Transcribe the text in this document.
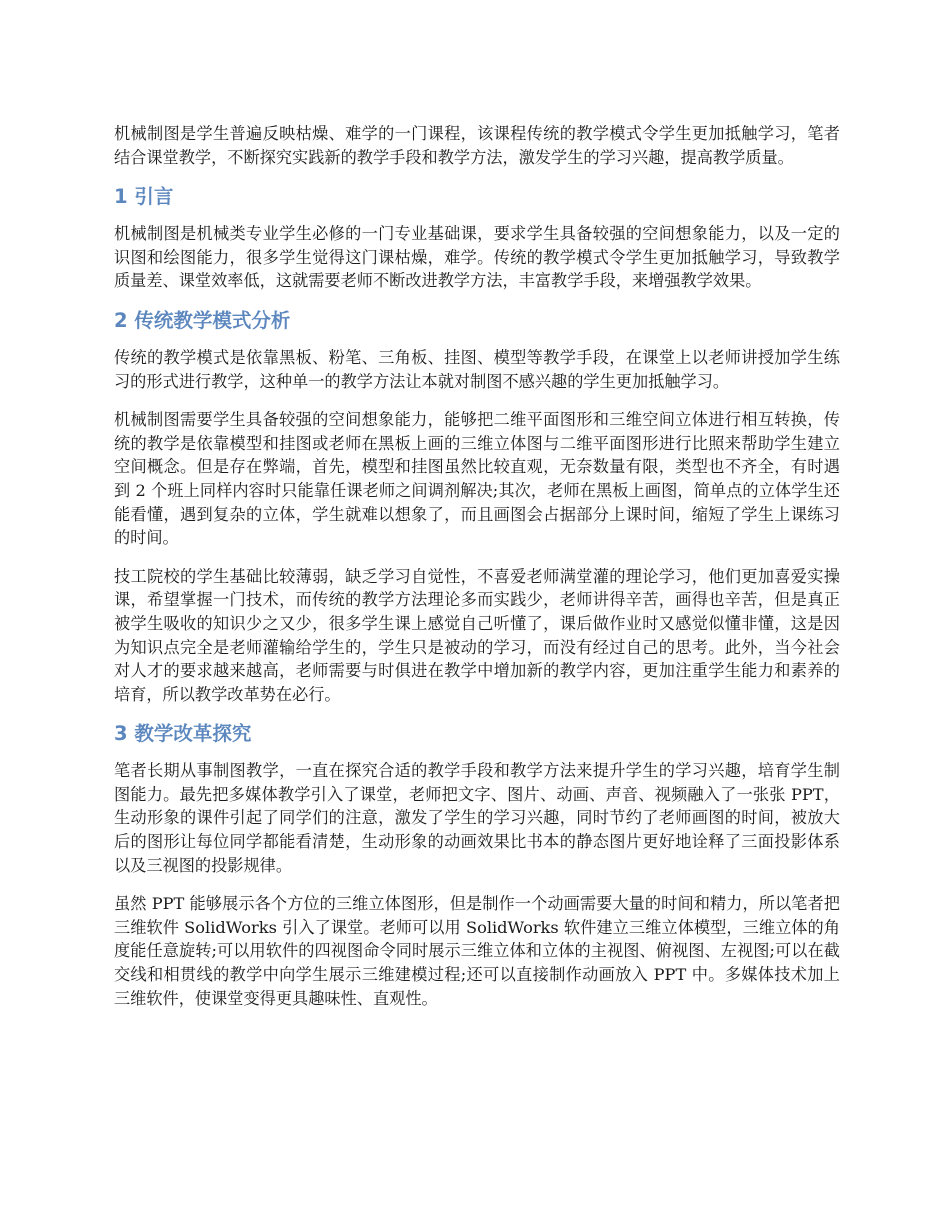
机械制图是学生普遍反映枯燥、难学的一门课程，该课程传统的教学模式令学生更加抵触学习，笔者结合课堂教学，不断探究实践新的教学手段和教学方法，激发学生的学习兴趣，提高教学质量。

1 引言

机械制图是机械类专业学生必修的一门专业基础课，要求学生具备较强的空间想象能力，以及一定的识图和绘图能力，很多学生觉得这门课枯燥，难学。传统的教学模式令学生更加抵触学习，导致教学质量差、课堂效率低，这就需要老师不断改进教学方法，丰富教学手段，来增强教学效果。

2 传统教学模式分析

传统的教学模式是依靠黑板、粉笔、三角板、挂图、模型等教学手段，在课堂上以老师讲授加学生练习的形式进行教学，这种单一的教学方法让本就对制图不感兴趣的学生更加抵触学习。

机械制图需要学生具备较强的空间想象能力，能够把二维平面图形和三维空间立体进行相互转换，传统的教学是依靠模型和挂图或老师在黑板上画的三维立体图与二维平面图形进行比照来帮助学生建立空间概念。但是存在弊端，首先，模型和挂图虽然比较直观，无奈数量有限，类型也不齐全，有时遇到 2 个班上同样内容时只能靠任课老师之间调剂解决;其次，老师在黑板上画图，简单点的立体学生还能看懂，遇到复杂的立体，学生就难以想象了，而且画图会占据部分上课时间，缩短了学生上课练习的时间。

技工院校的学生基础比较薄弱，缺乏学习自觉性，不喜爱老师满堂灌的理论学习，他们更加喜爱实操课，希望掌握一门技术，而传统的教学方法理论多而实践少，老师讲得辛苦，画得也辛苦，但是真正被学生吸收的知识少之又少，很多学生课上感觉自己听懂了，课后做作业时又感觉似懂非懂，这是因为知识点完全是老师灌输给学生的，学生只是被动的学习，而没有经过自己的思考。此外，当今社会对人才的要求越来越高，老师需要与时俱进在教学中增加新的教学内容，更加注重学生能力和素养的培育，所以教学改革势在必行。

3 教学改革探究

笔者长期从事制图教学，一直在探究合适的教学手段和教学方法来提升学生的学习兴趣，培育学生制图能力。最先把多媒体教学引入了课堂，老师把文字、图片、动画、声音、视频融入了一张张 PPT，生动形象的课件引起了同学们的注意，激发了学生的学习兴趣，同时节约了老师画图的时间，被放大后的图形让每位同学都能看清楚，生动形象的动画效果比书本的静态图片更好地诠释了三面投影体系以及三视图的投影规律。

虽然 PPT 能够展示各个方位的三维立体图形，但是制作一个动画需要大量的时间和精力，所以笔者把三维软件 SolidWorks 引入了课堂。老师可以用 SolidWorks 软件建立三维立体模型，三维立体的角度能任意旋转;可以用软件的四视图命令同时展示三维立体和立体的主视图、俯视图、左视图;可以在截交线和相贯线的教学中向学生展示三维建模过程;还可以直接制作动画放入 PPT 中。多媒体技术加上三维软件，使课堂变得更具趣味性、直观性。
